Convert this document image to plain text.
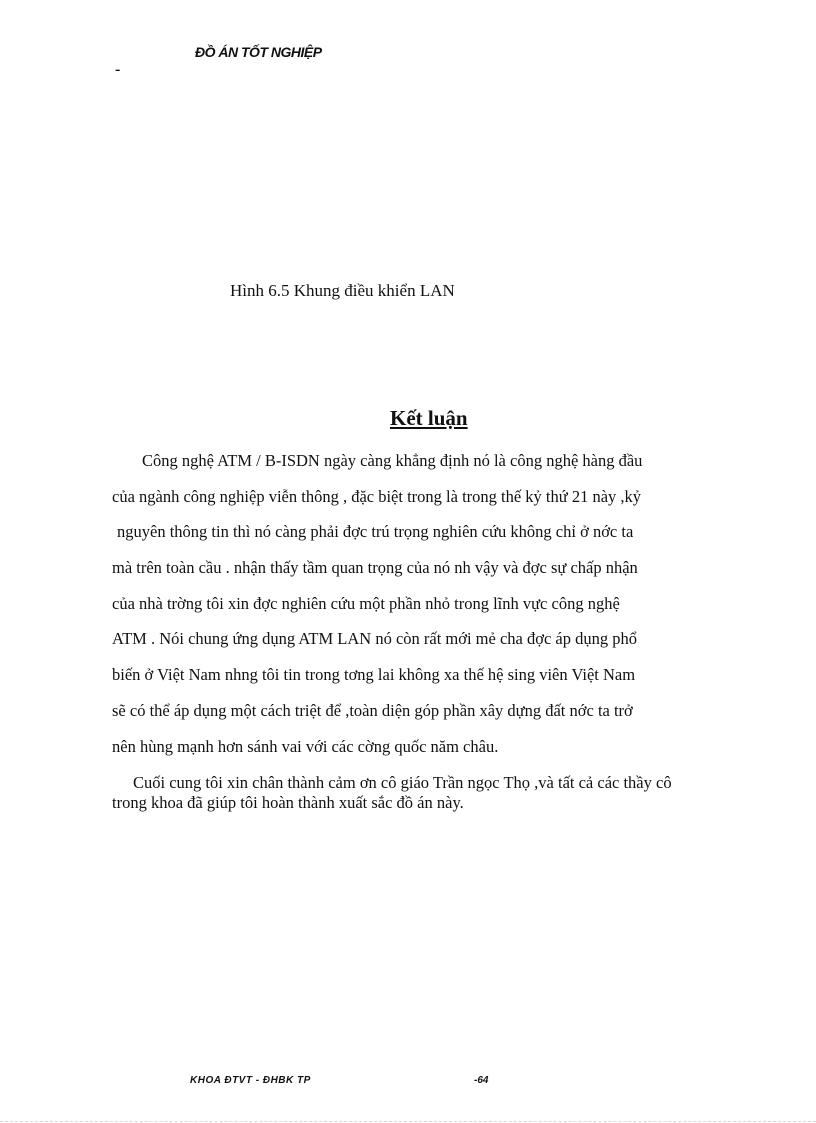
ĐỒ ÁN TỐT NGHIỆP
-
Hình 6.5 Khung điều khiển LAN
Kết luận
Công nghệ ATM / B-ISDN ngày càng khẳng định nó là công nghệ hàng đầu
của ngành công nghiệp viễn thông , đặc biệt trong là trong thế kỷ thứ 21 này ,kỷ
nguyên thông tin thì nó càng phải đợc trú trọng nghiên cứu không chỉ ở nớc ta
mà trên toàn cầu . nhận thấy tầm quan trọng của nó nh vậy và đợc sự chấp nhận
của nhà trờng tôi xin đợc nghiên cứu một phần nhỏ trong lĩnh vực công nghệ
ATM . Nói chung ứng dụng ATM LAN nó còn rất mới mẻ cha đợc áp dụng phổ
biến ở Việt Nam nhng tôi tin trong tơng lai không xa thế hệ sing viên Việt Nam
sẽ có thể áp dụng một cách triệt để ,toàn diện góp phần xây dựng đất nớc ta trở
nên hùng mạnh hơn sánh vai với các cờng quốc năm châu.
Cuối cung tôi xin chân thành cảm ơn cô giáo Trần ngọc Thọ ,và tất cả các thầy cô
trong khoa đã giúp tôi hoàn thành xuất sắc đồ án này.
KHOA ĐTVT - ĐHBK TP	-64
